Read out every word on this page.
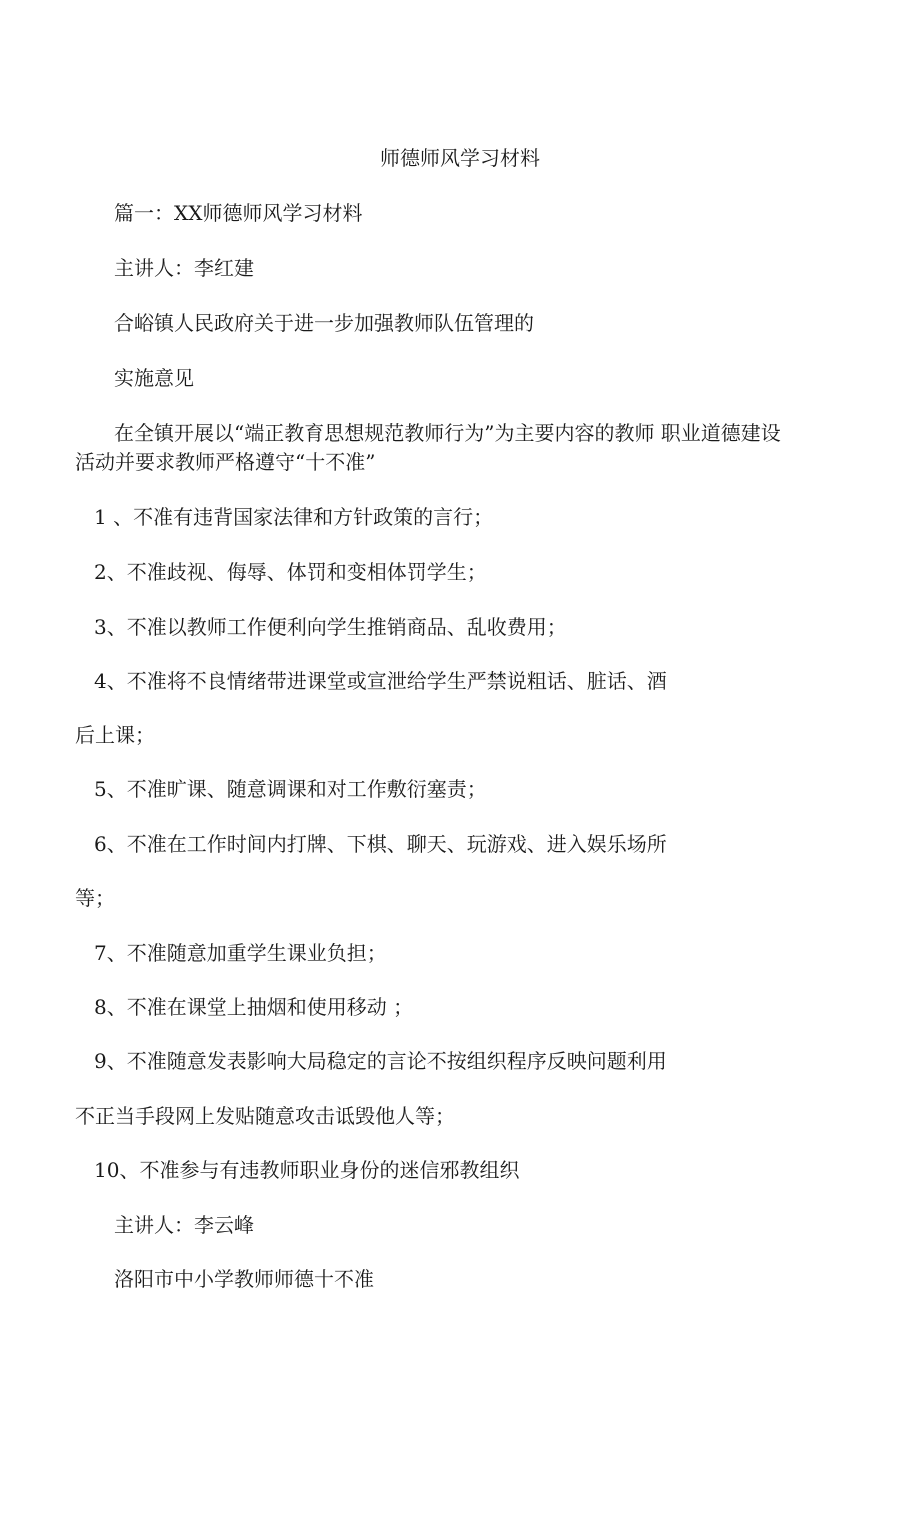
师德师风学习材料
篇一：XX师德师风学习材料
主讲人：李红建
合峪镇人民政府关于进一步加强教师队伍管理的
实施意见
在全镇开展以“端正教育思想规范教师行为”为主要内容的教师 职业道德建设
活动并要求教师严格遵守“十不准”
1 、不准有违背国家法律和方针政策的言行；
2、不准歧视、侮辱、体罚和变相体罚学生；
3、不准以教师工作便利向学生推销商品、乱收费用；
4、不准将不良情绪带进课堂或宣泄给学生严禁说粗话、脏话、酒
后上课；
5、不准旷课、随意调课和对工作敷衍塞责；
6、不准在工作时间内打牌、下棋、聊天、玩游戏、进入娱乐场所
等；
7、不准随意加重学生课业负担；
8、不准在课堂上抽烟和使用移动 ；
9、不准随意发表影响大局稳定的言论不按组织程序反映问题利用
不正当手段网上发贴随意攻击诋毁他人等；
10、不准参与有违教师职业身份的迷信邪教组织
主讲人：李云峰
洛阳市中小学教师师德十不准
